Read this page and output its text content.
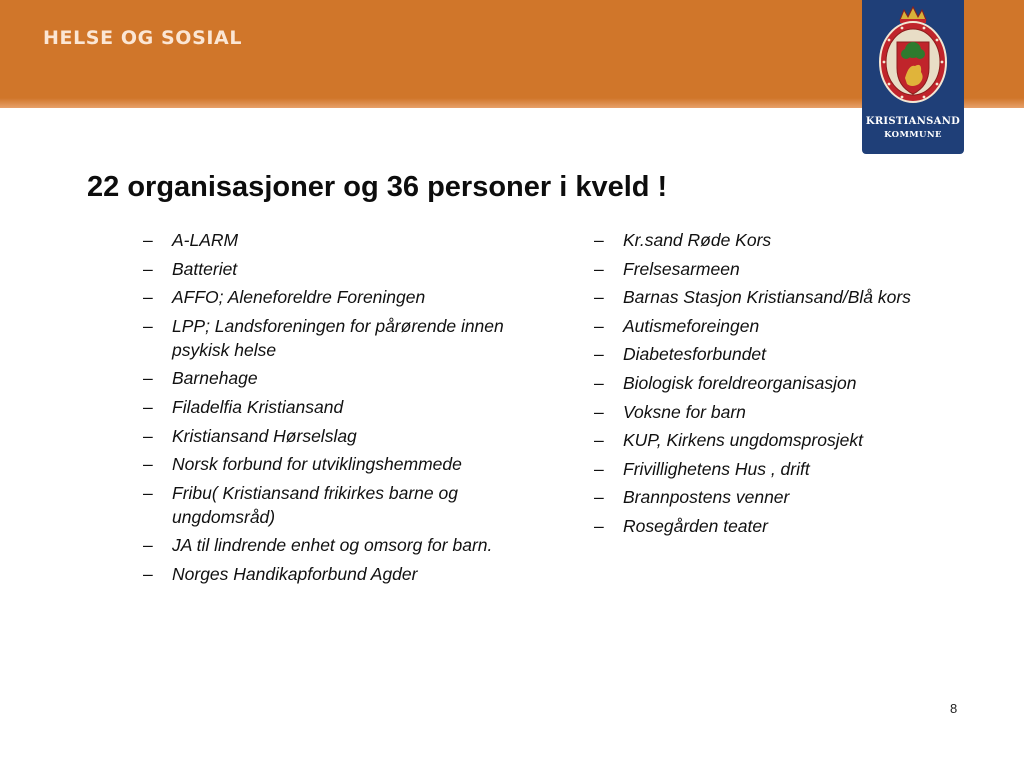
HELSE OG SOSIAL
KRISTIANSAND
KOMMUNE
22 organisasjoner og 36 personer i kveld !
– A-LARM
– Batteriet
– AFFO; Aleneforeldre Foreningen
– LPP; Landsforeningen for pårørende innen psykisk helse
– Barnehage
– Filadelfia Kristiansand
– Kristiansand Hørselslag
– Norsk forbund for utviklingshemmede
– Fribu( Kristiansand frikirkes barne og ungdomsråd)
– JA til lindrende enhet og omsorg for barn.
– Norges Handikapforbund Agder
– Kr.sand Røde Kors
– Frelsesarmeen
– Barnas Stasjon Kristiansand/Blå kors
– Autismeforeingen
– Diabetesforbundet
– Biologisk foreldreorganisasjon
– Voksne for barn
– KUP, Kirkens ungdomsprosjekt
– Frivillighetens Hus , drift
– Brannpostens venner
– Rosegården teater
8
